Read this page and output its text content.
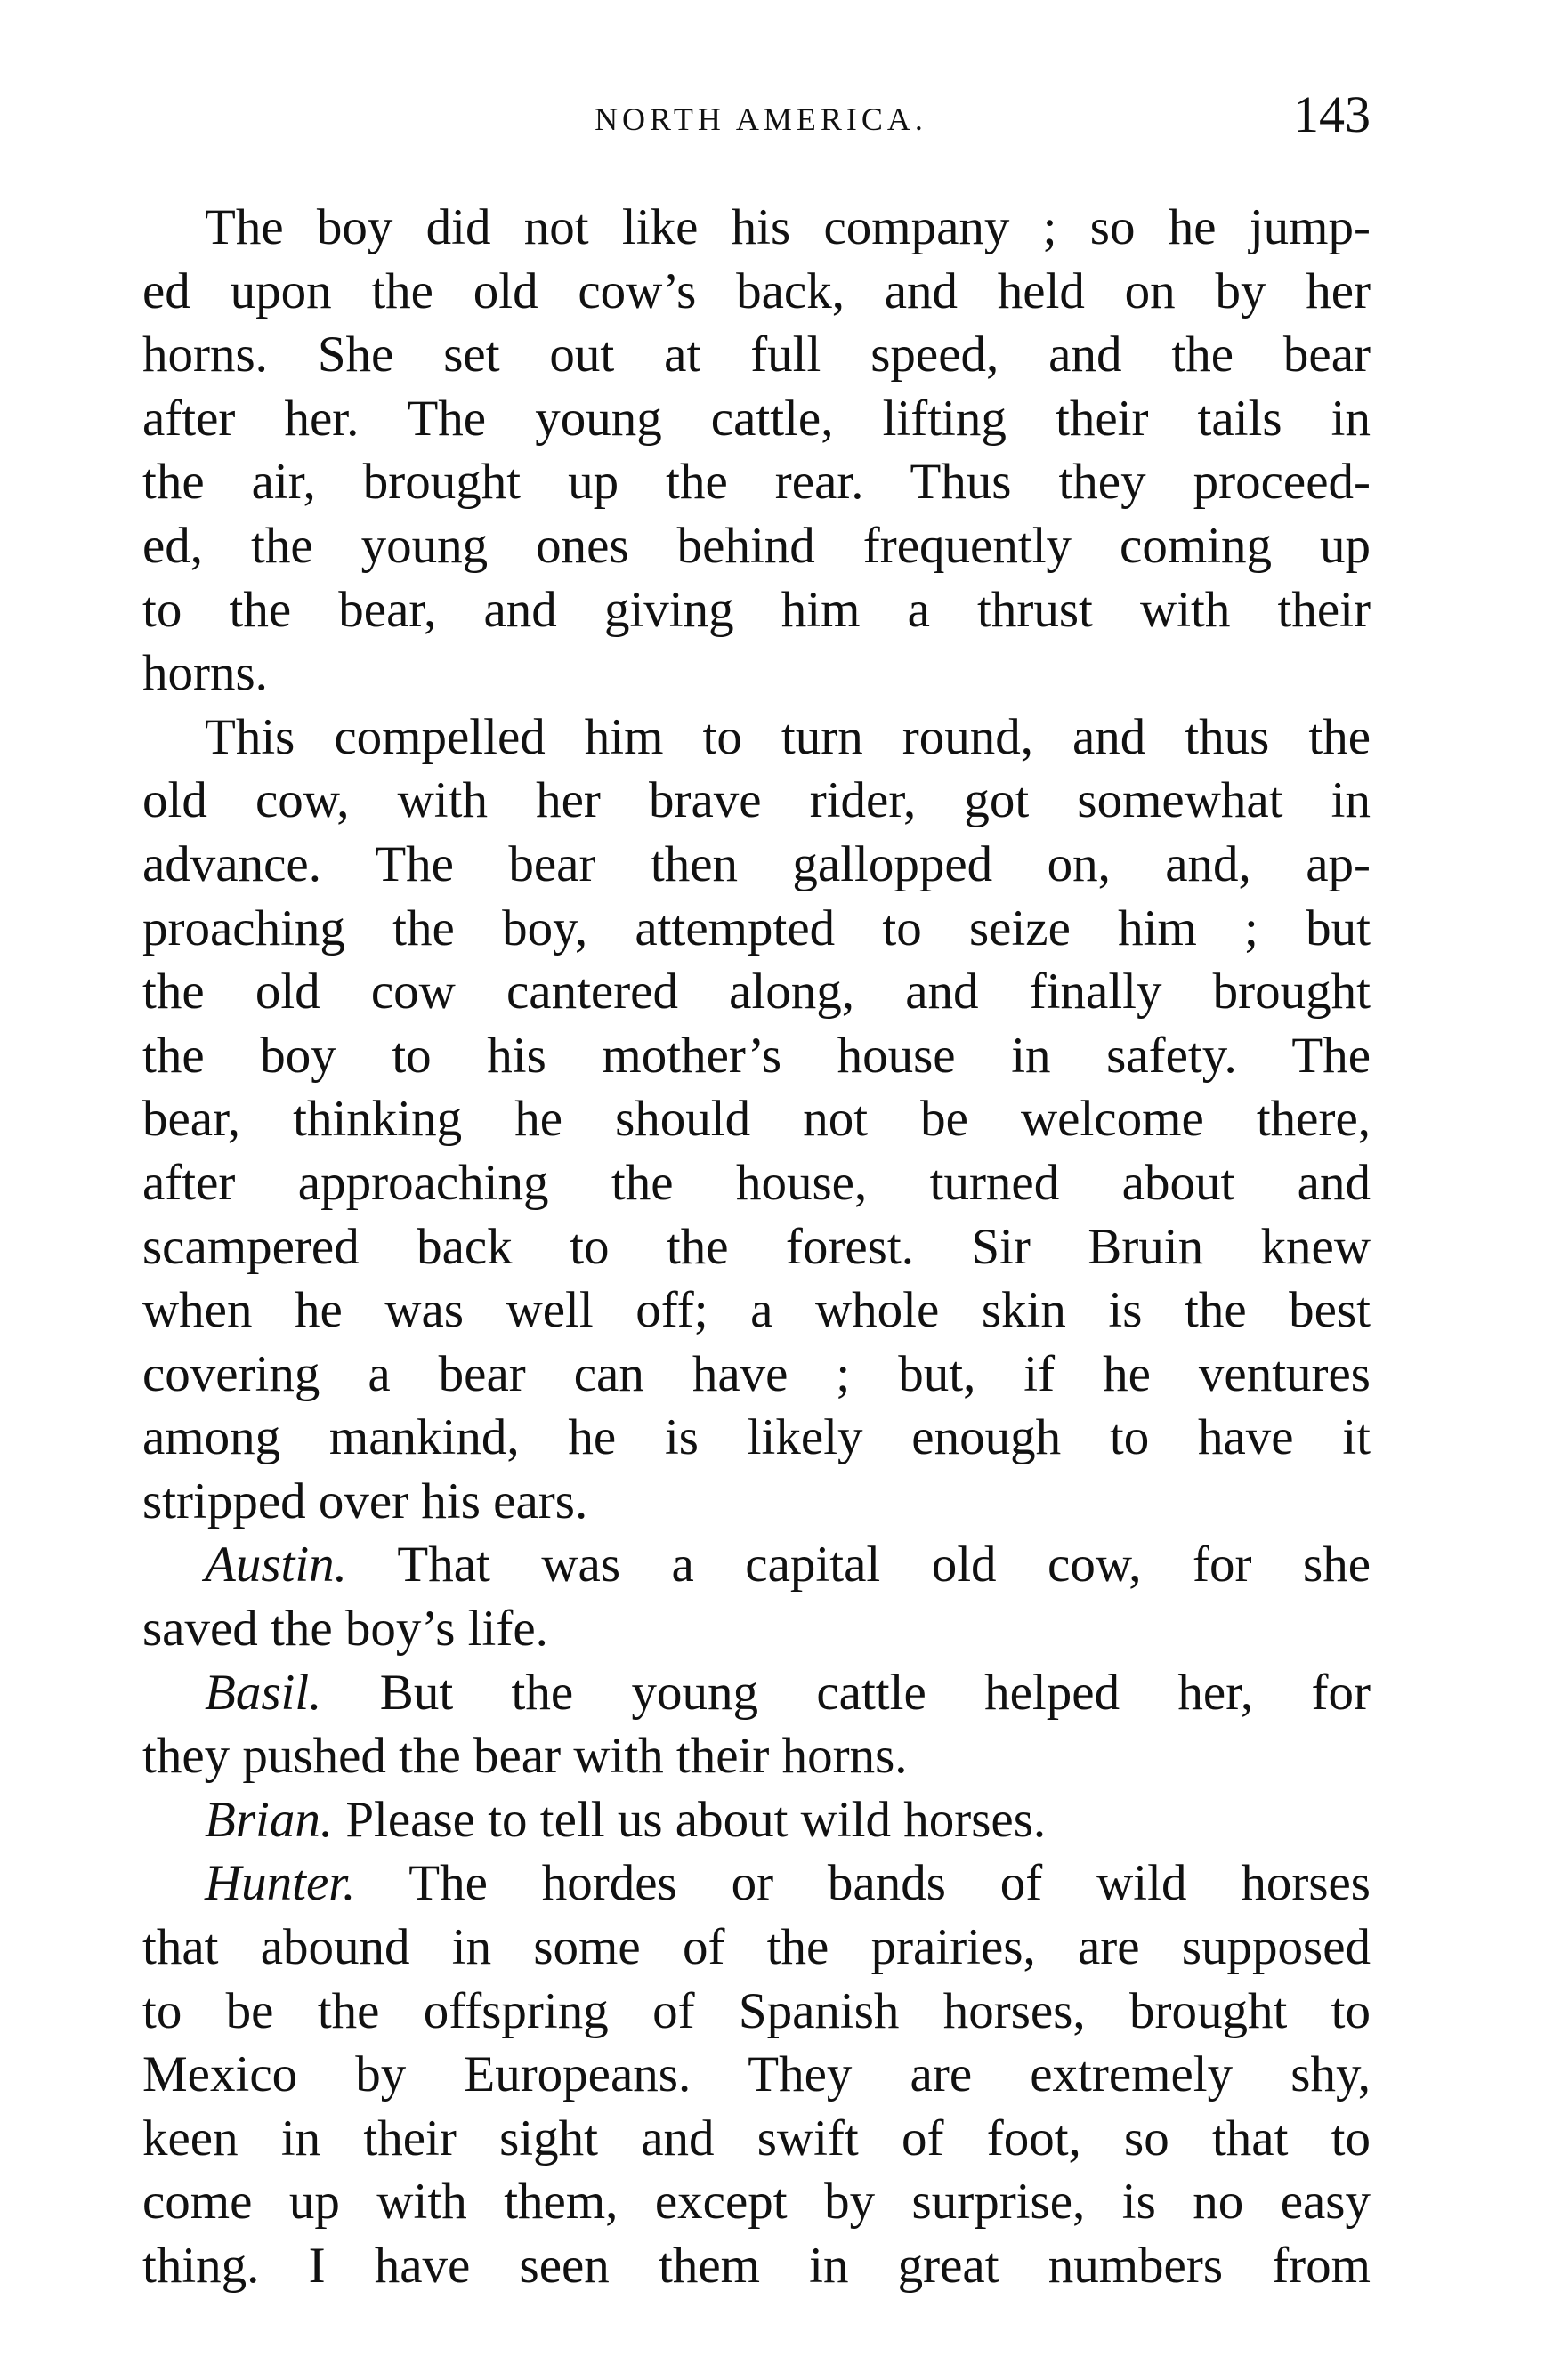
NORTH AMERICA.	143
The boy did not like his company ; so he jump-
ed upon the old cow’s back, and held on by her
horns. She set out at full speed, and the bear
after her. The young cattle, lifting their tails in
the air, brought up the rear. Thus they proceed-
ed, the young ones behind frequently coming up
to the bear, and giving him a thrust with their
horns.
This compelled him to turn round, and thus the
old cow, with her brave rider, got somewhat in
advance. The bear then gallopped on, and, ap-
proaching the boy, attempted to seize him ; but
the old cow cantered along, and finally brought
the boy to his mother’s house in safety. The
bear, thinking he should not be welcome there,
after approaching the house, turned about and
scampered back to the forest. Sir Bruin knew
when he was well off; a whole skin is the best
covering a bear can have ; but, if he ventures
among mankind, he is likely enough to have it
stripped over his ears.
Austin. That was a capital old cow, for she
saved the boy’s life.
Basil. But the young cattle helped her, for
they pushed the bear with their horns.
Brian. Please to tell us about wild horses.
Hunter. The hordes or bands of wild horses
that abound in some of the prairies, are supposed
to be the offspring of Spanish horses, brought to
Mexico by Europeans. They are extremely shy,
keen in their sight and swift of foot, so that to
come up with them, except by surprise, is no easy
thing. I have seen them in great numbers from
